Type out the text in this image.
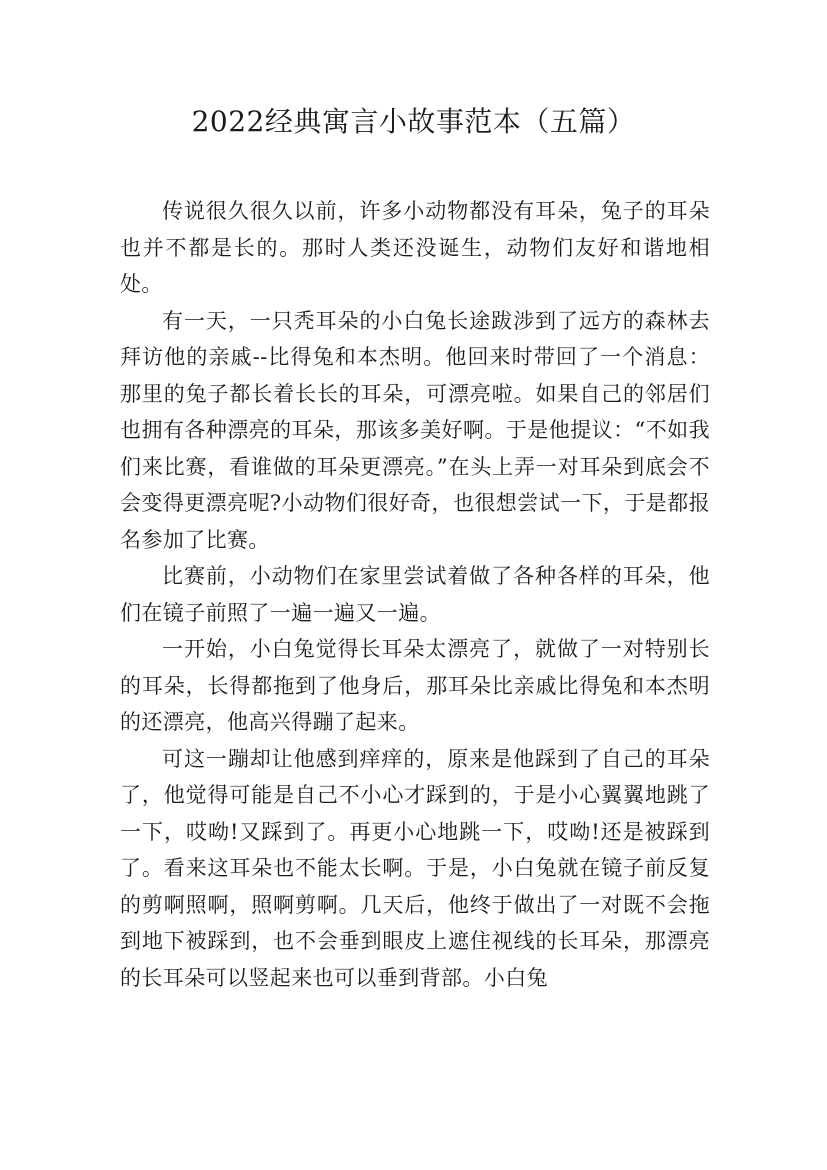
2022经典寓言小故事范本（五篇）

传说很久很久以前，许多小动物都没有耳朵，兔子的耳朵也并不都是长的。那时人类还没诞生，动物们友好和谐地相处。

有一天，一只秃耳朵的小白兔长途跋涉到了远方的森林去拜访他的亲戚--比得兔和本杰明。他回来时带回了一个消息：那里的兔子都长着长长的耳朵，可漂亮啦。如果自己的邻居们也拥有各种漂亮的耳朵，那该多美好啊。于是他提议：“不如我们来比赛，看谁做的耳朵更漂亮。”在头上弄一对耳朵到底会不会变得更漂亮呢?小动物们很好奇，也很想尝试一下，于是都报名参加了比赛。

比赛前，小动物们在家里尝试着做了各种各样的耳朵，他们在镜子前照了一遍一遍又一遍。

一开始，小白兔觉得长耳朵太漂亮了，就做了一对特别长的耳朵，长得都拖到了他身后，那耳朵比亲戚比得兔和本杰明的还漂亮，他高兴得蹦了起来。

可这一蹦却让他感到痒痒的，原来是他踩到了自己的耳朵了，他觉得可能是自己不小心才踩到的，于是小心翼翼地跳了一下，哎呦!又踩到了。再更小心地跳一下，哎呦!还是被踩到了。看来这耳朵也不能太长啊。于是，小白兔就在镜子前反复的剪啊照啊，照啊剪啊。几天后，他终于做出了一对既不会拖到地下被踩到，也不会垂到眼皮上遮住视线的长耳朵，那漂亮的长耳朵可以竖起来也可以垂到背部。小白兔
